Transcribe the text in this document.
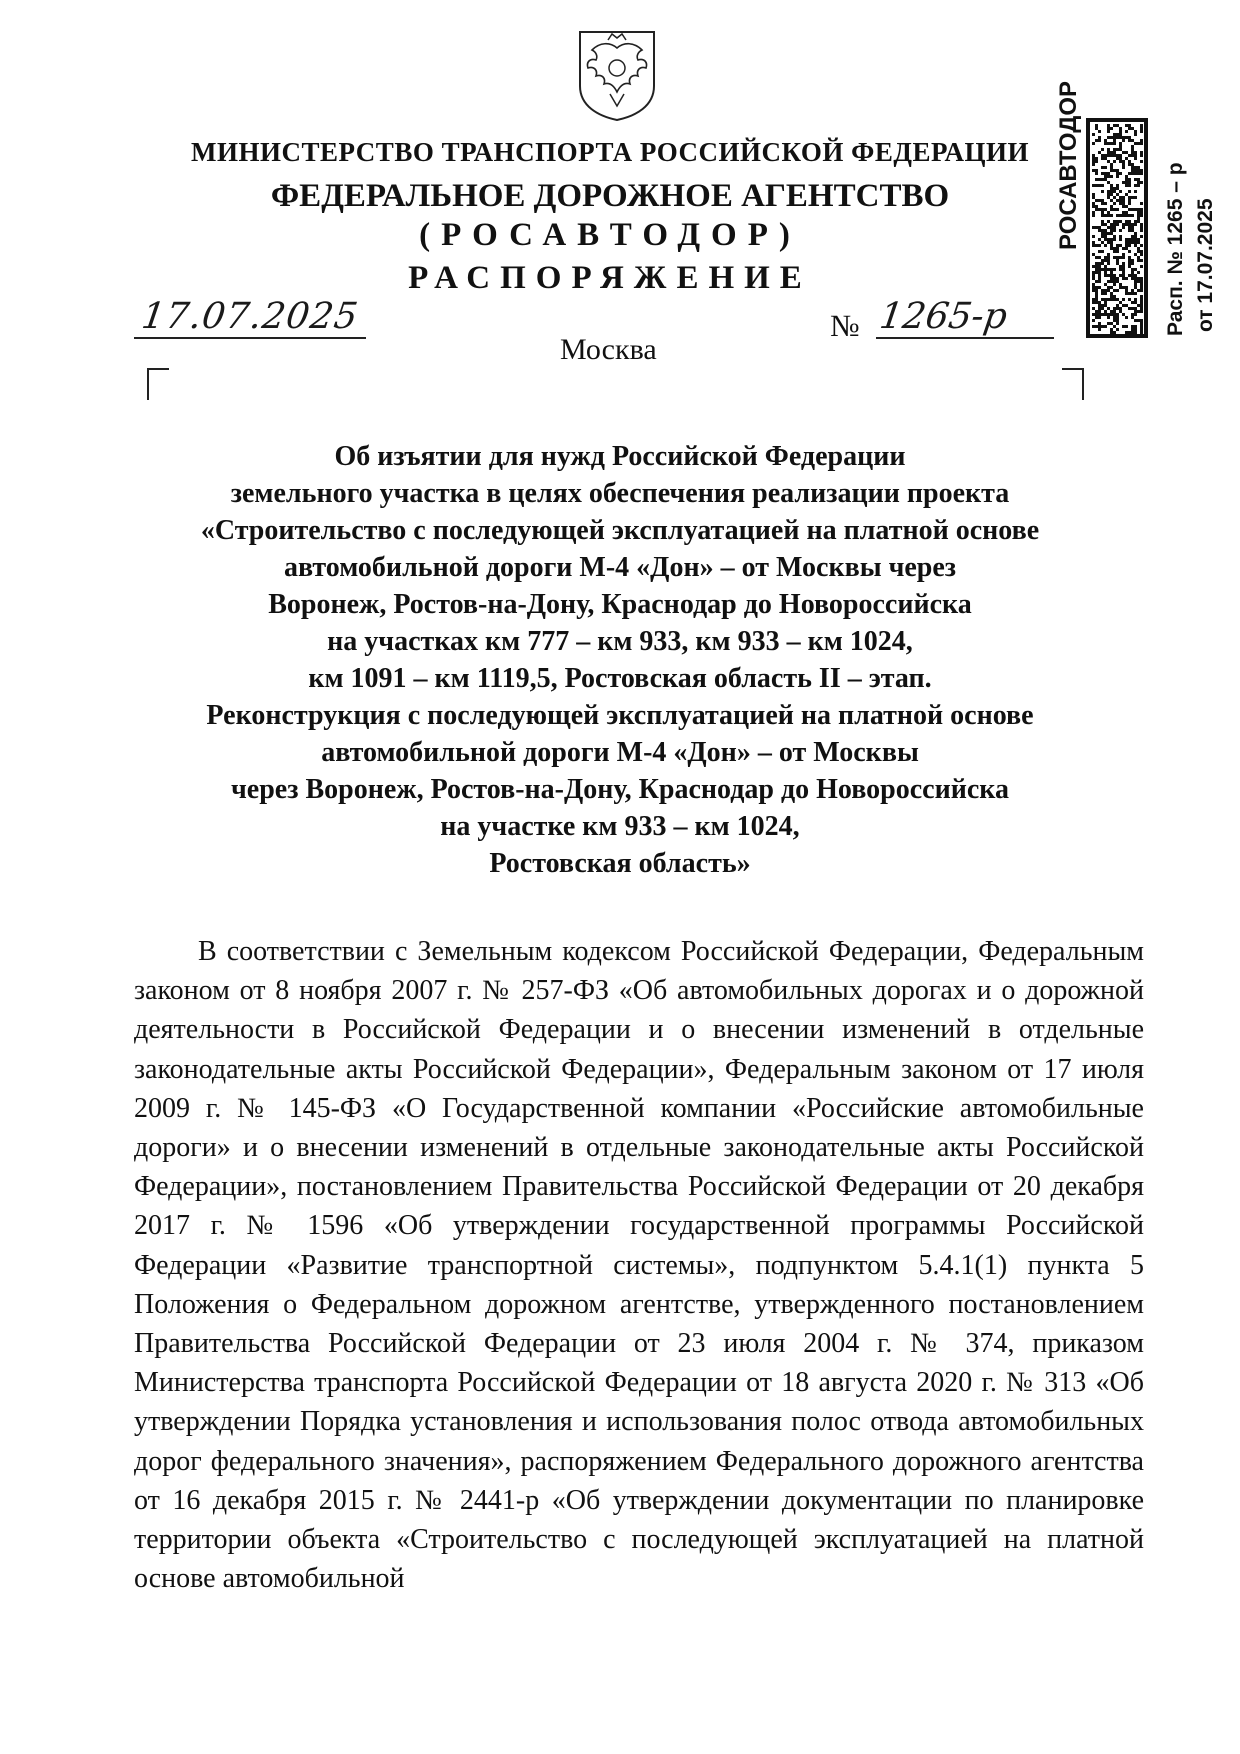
МИНИСТЕРСТВО ТРАНСПОРТА РОССИЙСКОЙ ФЕДЕРАЦИИ
ФЕДЕРАЛЬНОЕ ДОРОЖНОЕ АГЕНТСТВО
(РОСАВТОДОР)
РАСПОРЯЖЕНИЕ
17.07.2025
Москва
№ 1265-р
РОСАВТОДОР	Расп. № 1265 – р от 17.07.2025
Об изъятии для нужд Российской Федерации
земельного участка в целях обеспечения реализации проекта
«Строительство с последующей эксплуатацией на платной основе
автомобильной дороги М-4 «Дон» – от Москвы через
Воронеж, Ростов-на-Дону, Краснодар до Новороссийска
на участках км 777 – км 933, км 933 – км 1024,
км 1091 – км 1119,5, Ростовская область II – этап.
Реконструкция с последующей эксплуатацией на платной основе
автомобильной дороги М-4 «Дон» – от Москвы
через Воронеж, Ростов-на-Дону, Краснодар до Новороссийска
на участке км 933 – км 1024,
Ростовская область»

В соответствии с Земельным кодексом Российской Федерации, Федеральным законом от 8 ноября 2007 г. № 257-ФЗ «Об автомобильных дорогах и о дорожной деятельности в Российской Федерации и о внесении изменений в отдельные законодательные акты Российской Федерации», Федеральным законом от 17 июля 2009 г. № 145-ФЗ «О Государственной компании «Российские автомобильные дороги» и о внесении изменений в отдельные законодательные акты Российской Федерации», постановлением Правительства Российской Федерации от 20 декабря 2017 г. № 1596 «Об утверждении государственной программы Российской Федерации «Развитие транспортной системы», подпунктом 5.4.1(1) пункта 5 Положения о Федеральном дорожном агентстве, утвержденного постановлением Правительства Российской Федерации от 23 июля 2004 г. № 374, приказом Министерства транспорта Российской Федерации от 18 августа 2020 г. № 313 «Об утверждении Порядка установления и использования полос отвода автомобильных дорог федерального значения», распоряжением Федерального дорожного агентства от 16 декабря 2015 г. № 2441-р «Об утверждении документации по планировке территории объекта «Строительство с последующей эксплуатацией на платной основе автомобильной
